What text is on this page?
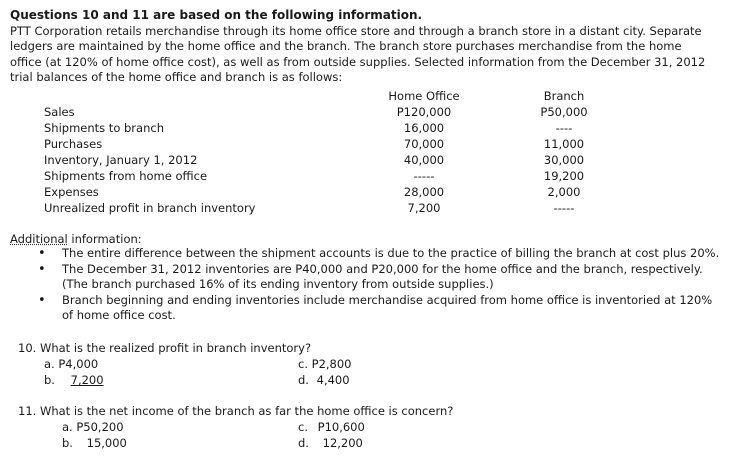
Questions 10 and 11 are based on the following information.
PTT Corporation retails merchandise through its home office store and through a branch store in a distant city. Separate
ledgers are maintained by the home office and the branch. The branch store purchases merchandise from the home
office (at 120% of home office cost), as well as from outside supplies. Selected information from the December 31, 2012
trial balances of the home office and branch is as follows:
	Home Office	Branch
Sales	P120,000	P50,000
Shipments to branch	16,000	----
Purchases	70,000	11,000
Inventory, January 1, 2012	40,000	30,000
Shipments from home office	-----	19,200
Expenses	28,000	2,000
Unrealized profit in branch inventory	7,200	-----
Additional information:
• The entire difference between the shipment accounts is due to the practice of billing the branch at cost plus 20%.
• The December 31, 2012 inventories are P40,000 and P20,000 for the home office and the branch, respectively.
(The branch purchased 16% of its ending inventory from outside supplies.)
• Branch beginning and ending inventories include merchandise acquired from home office is inventoried at 120%
of home office cost.
10. What is the realized profit in branch inventory?
a. P4,000
b. 7,200
c. P2,800
d. 4,400
11. What is the net income of the branch as far the home office is concern?
a. P50,200
b. 15,000
c. P10,600
d. 12,200
